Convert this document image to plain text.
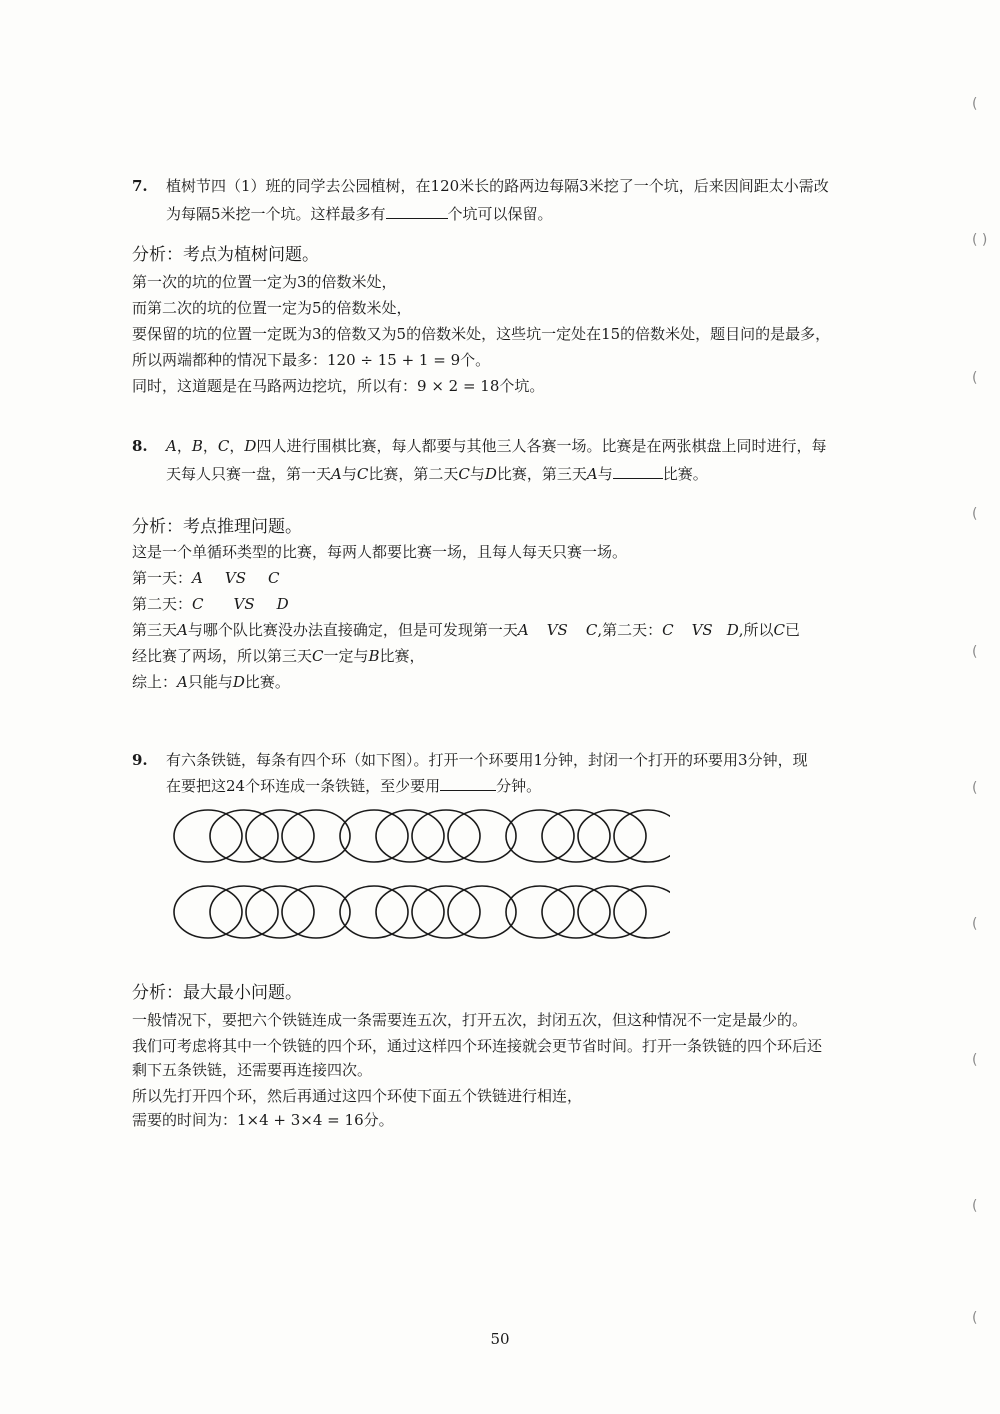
7. 植树节四（1）班的同学去公园植树，在120米长的路两边每隔3米挖了一个坑，后来因间距太小需改
为每隔5米挖一个坑。这样最多有	个坑可以保留。
分析：考点为植树问题。

第一次的坑的位置一定为3的倍数米处，

而第二次的坑的位置一定为5的倍数米处，

要保留的坑的位置一定既为3的倍数又为5的倍数米处，这些坑一定处在15的倍数米处，题目问的是最多，

所以两端都种的情况下最多：120 ÷ 15 + 1 = 9个。

同时，这道题是在马路两边挖坑，所以有：9 × 2 = 18个坑。

8. A，B，C，D四人进行围棋比赛，每人都要与其他三人各赛一场。比赛是在两张棋盘上同时进行，每
天每人只赛一盘，第一天A与C比赛，第二天C与D比赛，第三天A与	比赛。
分析：考点推理问题。

这是一个单循环类型的比赛，每两人都要比赛一场，且每人每天只赛一场。

第一天：A VS C

第二天：C VS D

第三天A与哪个队比赛没办法直接确定，但是可发现第一天A VS C,第二天：C VS D,所以C已

经比赛了两场，所以第三天C一定与B比赛，

综上：A只能与D比赛。

9. 有六条铁链，每条有四个环（如下图）。打开一个环要用1分钟，封闭一个打开的环要用3分钟，现
在要把这24个环连成一条铁链，至少要用	分钟。
分析：最大最小问题。

一般情况下，要把六个铁链连成一条需要连五次，打开五次，封闭五次，但这种情况不一定是最少的。

我们可考虑将其中一个铁链的四个环，通过这样四个环连接就会更节省时间。打开一条铁链的四个环后还

剩下五条铁链，还需要再连接四次。

所以先打开四个环，然后再通过这四个环使下面五个铁链进行相连，

需要的时间为：1×4 + 3×4 = 16分。

50
(
( )
(
(
(
(
(
(
(
(
